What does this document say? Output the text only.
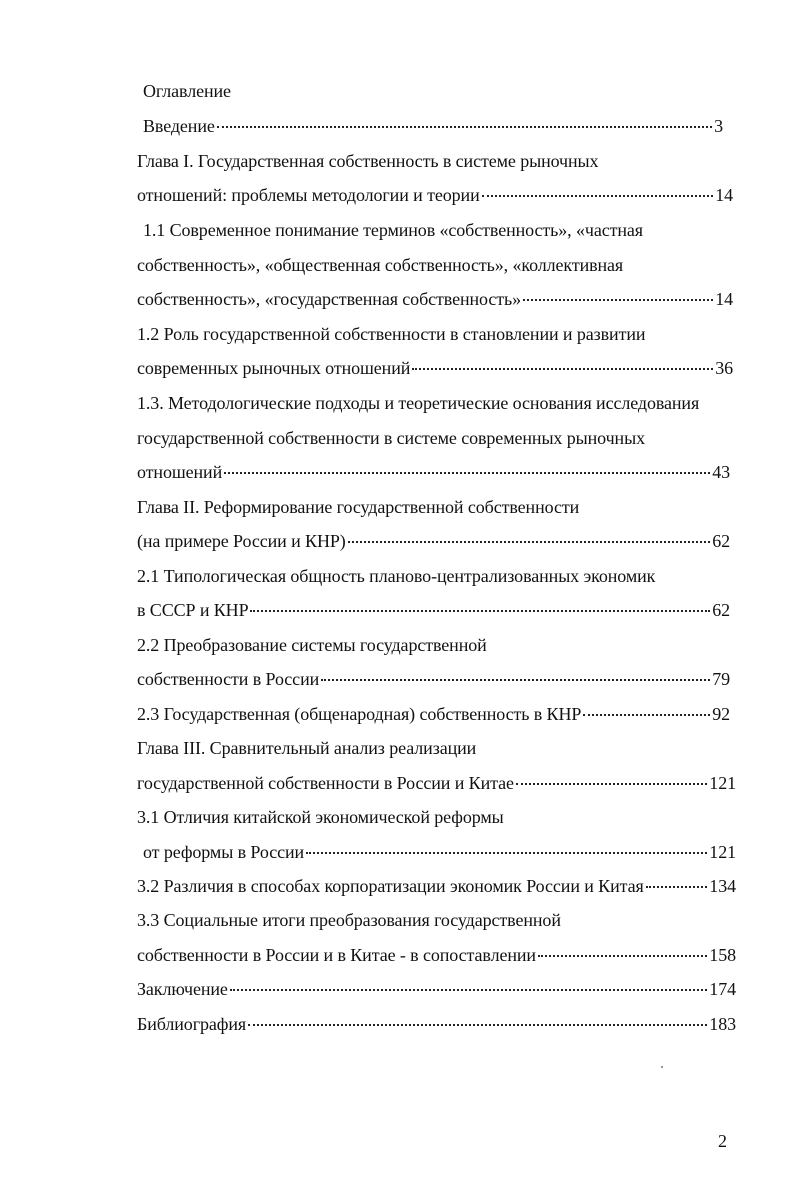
Оглавление
Введение	3
Глава I. Государственная собственность в системе рыночных
отношений: проблемы методологии и теории	14
1.1 Современное понимание терминов «собственность», «частная
собственность», «общественная собственность», «коллективная
собственность», «государственная собственность»	14
1.2 Роль государственной собственности в становлении и развитии
современных рыночных отношений	36
1.3. Методологические подходы и теоретические основания исследования
государственной собственности в системе современных рыночных
отношений	43
Глава II. Реформирование государственной собственности
(на примере России и КНР)	62
2.1 Типологическая общность планово-централизованных экономик
в СССР и КНР	62
2.2 Преобразование системы государственной
собственности в России	79
2.3 Государственная (общенародная) собственность в КНР	92
Глава III. Сравнительный анализ реализации
государственной собственности в России и Китае	121
3.1 Отличия китайской экономической реформы
от реформы в России	121
3.2 Различия в способах корпоратизации экономик России и Китая	134
3.3 Социальные итоги преобразования государственной
собственности в России и в Китае - в сопоставлении	158
Заключение	174
Библиография	183
2
